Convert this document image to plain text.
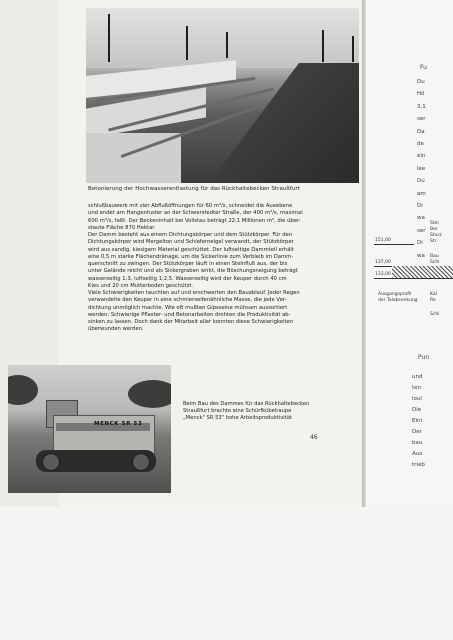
Betonierung der Hochwasserentlastung für das Rückhaltebecken Straußfurt

schlußbauwerk mit vier Abflußöffnungen für 60 m³/s, schneidet die Aueebene

und endet am Hangenfuster an der Schwerstedter Straße, der 400 m³/s, maximal

600 m³/s, faßt. Der Beckeninhalt bei Vollstau beträgt 22,1 Millionen m³, die über-

staute Fläche 870 Hektar.

Der Damm besteht aus einem Dichtungskörper und dem Stützkörper. Für den

Dichtungskörper wird Mergelton und Schieferneigel verwandt, der Stützkörper

wird aus sandig, kiesigem Material geschüttet. Der luftseitige Dammteil erhält

eine 0,5 m starke Flächendränage, um die Sickerlinie zum Verbleib im Damm-

querschnitt zu zwingen. Der Stützkörper läuft in einen Steinfluß aus, der bis

unter Gelände reicht und als Sickergraben wirkt, die Böschungsneigung beträgt

wasserseitig 1:3, luftseitig 1:2,5. Wasserseitig wird der Keuper durch 40 cm

Kies und 20 cm Mutterboden geschützt.

Viele Schwierigkeiten tauchten auf und erschwerten den Bauablauf. Jeder Regen

verwandelte den Keuper in eine schmierseifenähnliche Masse, die jede Ver-

dichtung unmöglich machte. Wie oft mußten Gipsseine mühsam aussortiert

werden. Schwierige Pflaster- und Betonarbeiten drohten die Produktivität ab-

sinken zu lassen. Doch dank der Mitarbeit aller konnten diese Schwierigkeiten

überwunden werden.

MENCK SR 53
Beim Bau des Dammes für das Rückhaltebecken
Straußfurt brachte eine Schürfkübelraupe
„Menck" SR 53" hohe Arbeitsproduktivität
46
Fu
Du
Hö
3,1
ser
Da
de
ein
lee
Du
am
Di
wa
ser
Di
wa
151,00
137,00
133,00
Stei
Ber
Sturz
Str
Bau
Schi
Ausgangsprofil
der Talabsenkung
Kal
Ro
Schi
Pun
und
ten
loul
Die
Einl
Der
bau
Aus
trieb
